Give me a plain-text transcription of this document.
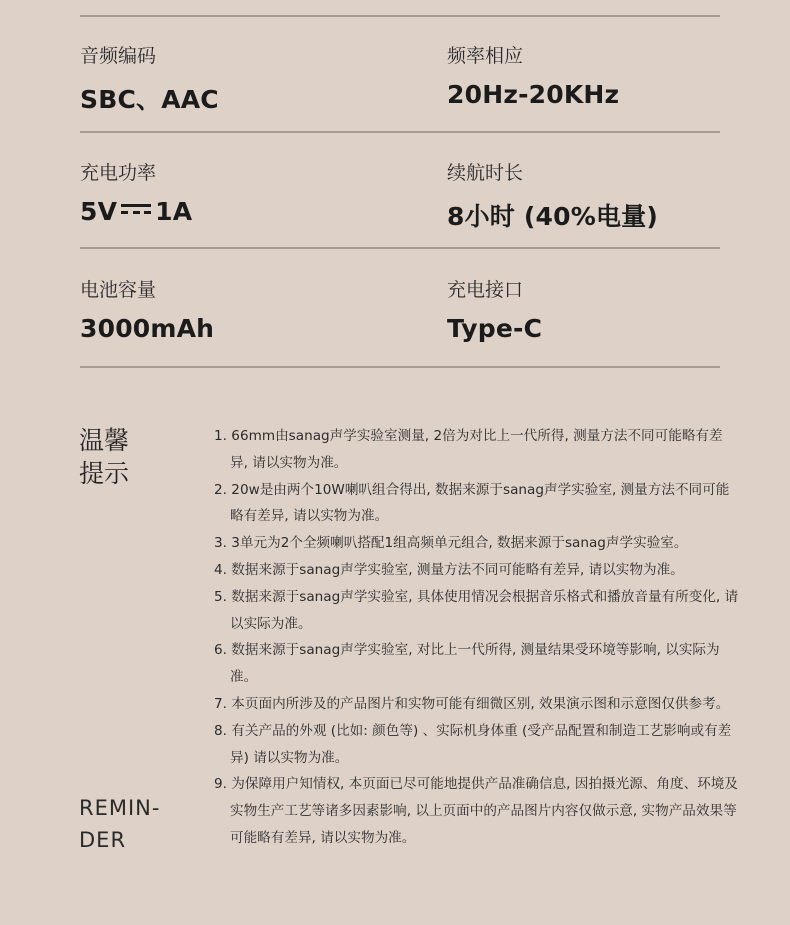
音频编码
SBC、AAC
频率相应
20Hz-20KHz
充电功率
5V 1A
续航时长
8小时 (40%电量)
电池容量
3000mAh
充电接口
Type-C
温馨
提示
REMIN-
DER
1. 66mm由sanag声学实验室测量, 2倍为对比上一代所得, 测量方法不同可能略有差异, 请以实物为准。
2. 20w是由两个10W喇叭组合得出, 数据来源于sanag声学实验室, 测量方法不同可能略有差异, 请以实物为准。
3. 3单元为2个全频喇叭搭配1组高频单元组合, 数据来源于sanag声学实验室。
4. 数据来源于sanag声学实验室, 测量方法不同可能略有差异, 请以实物为准。
5. 数据来源于sanag声学实验室, 具体使用情况会根据音乐格式和播放音量有所变化, 请以实际为准。
6. 数据来源于sanag声学实验室, 对比上一代所得, 测量结果受环境等影响, 以实际为准。
7. 本页面内所涉及的产品图片和实物可能有细微区别, 效果演示图和示意图仅供参考。
8. 有关产品的外观 (比如: 颜色等) 、实际机身体重 (受产品配置和制造工艺影响或有差异) 请以实物为准。
9. 为保障用户知情权, 本页面已尽可能地提供产品准确信息, 因拍摄光源、角度、环境及实物生产工艺等诸多因素影响, 以上页面中的产品图片内容仅做示意, 实物产品效果等可能略有差异, 请以实物为准。
